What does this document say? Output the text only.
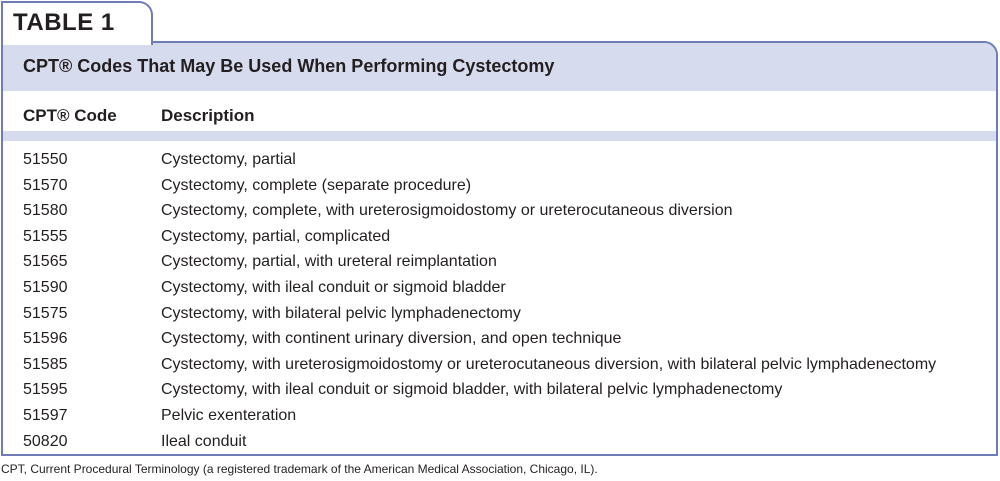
TABLE 1
CPT® Codes That May Be Used When Performing Cystectomy
CPT® Code	Description
51550	Cystectomy, partial
51570	Cystectomy, complete (separate procedure)
51580	Cystectomy, complete, with ureterosigmoidostomy or ureterocutaneous diversion
51555	Cystectomy, partial, complicated
51565	Cystectomy, partial, with ureteral reimplantation
51590	Cystectomy, with ileal conduit or sigmoid bladder
51575	Cystectomy, with bilateral pelvic lymphadenectomy
51596	Cystectomy, with continent urinary diversion, and open technique
51585	Cystectomy, with ureterosigmoidostomy or ureterocutaneous diversion, with bilateral pelvic lymphadenectomy
51595	Cystectomy, with ileal conduit or sigmoid bladder, with bilateral pelvic lymphadenectomy
51597	Pelvic exenteration
50820	Ileal conduit
CPT, Current Procedural Terminology (a registered trademark of the American Medical Association, Chicago, IL).
